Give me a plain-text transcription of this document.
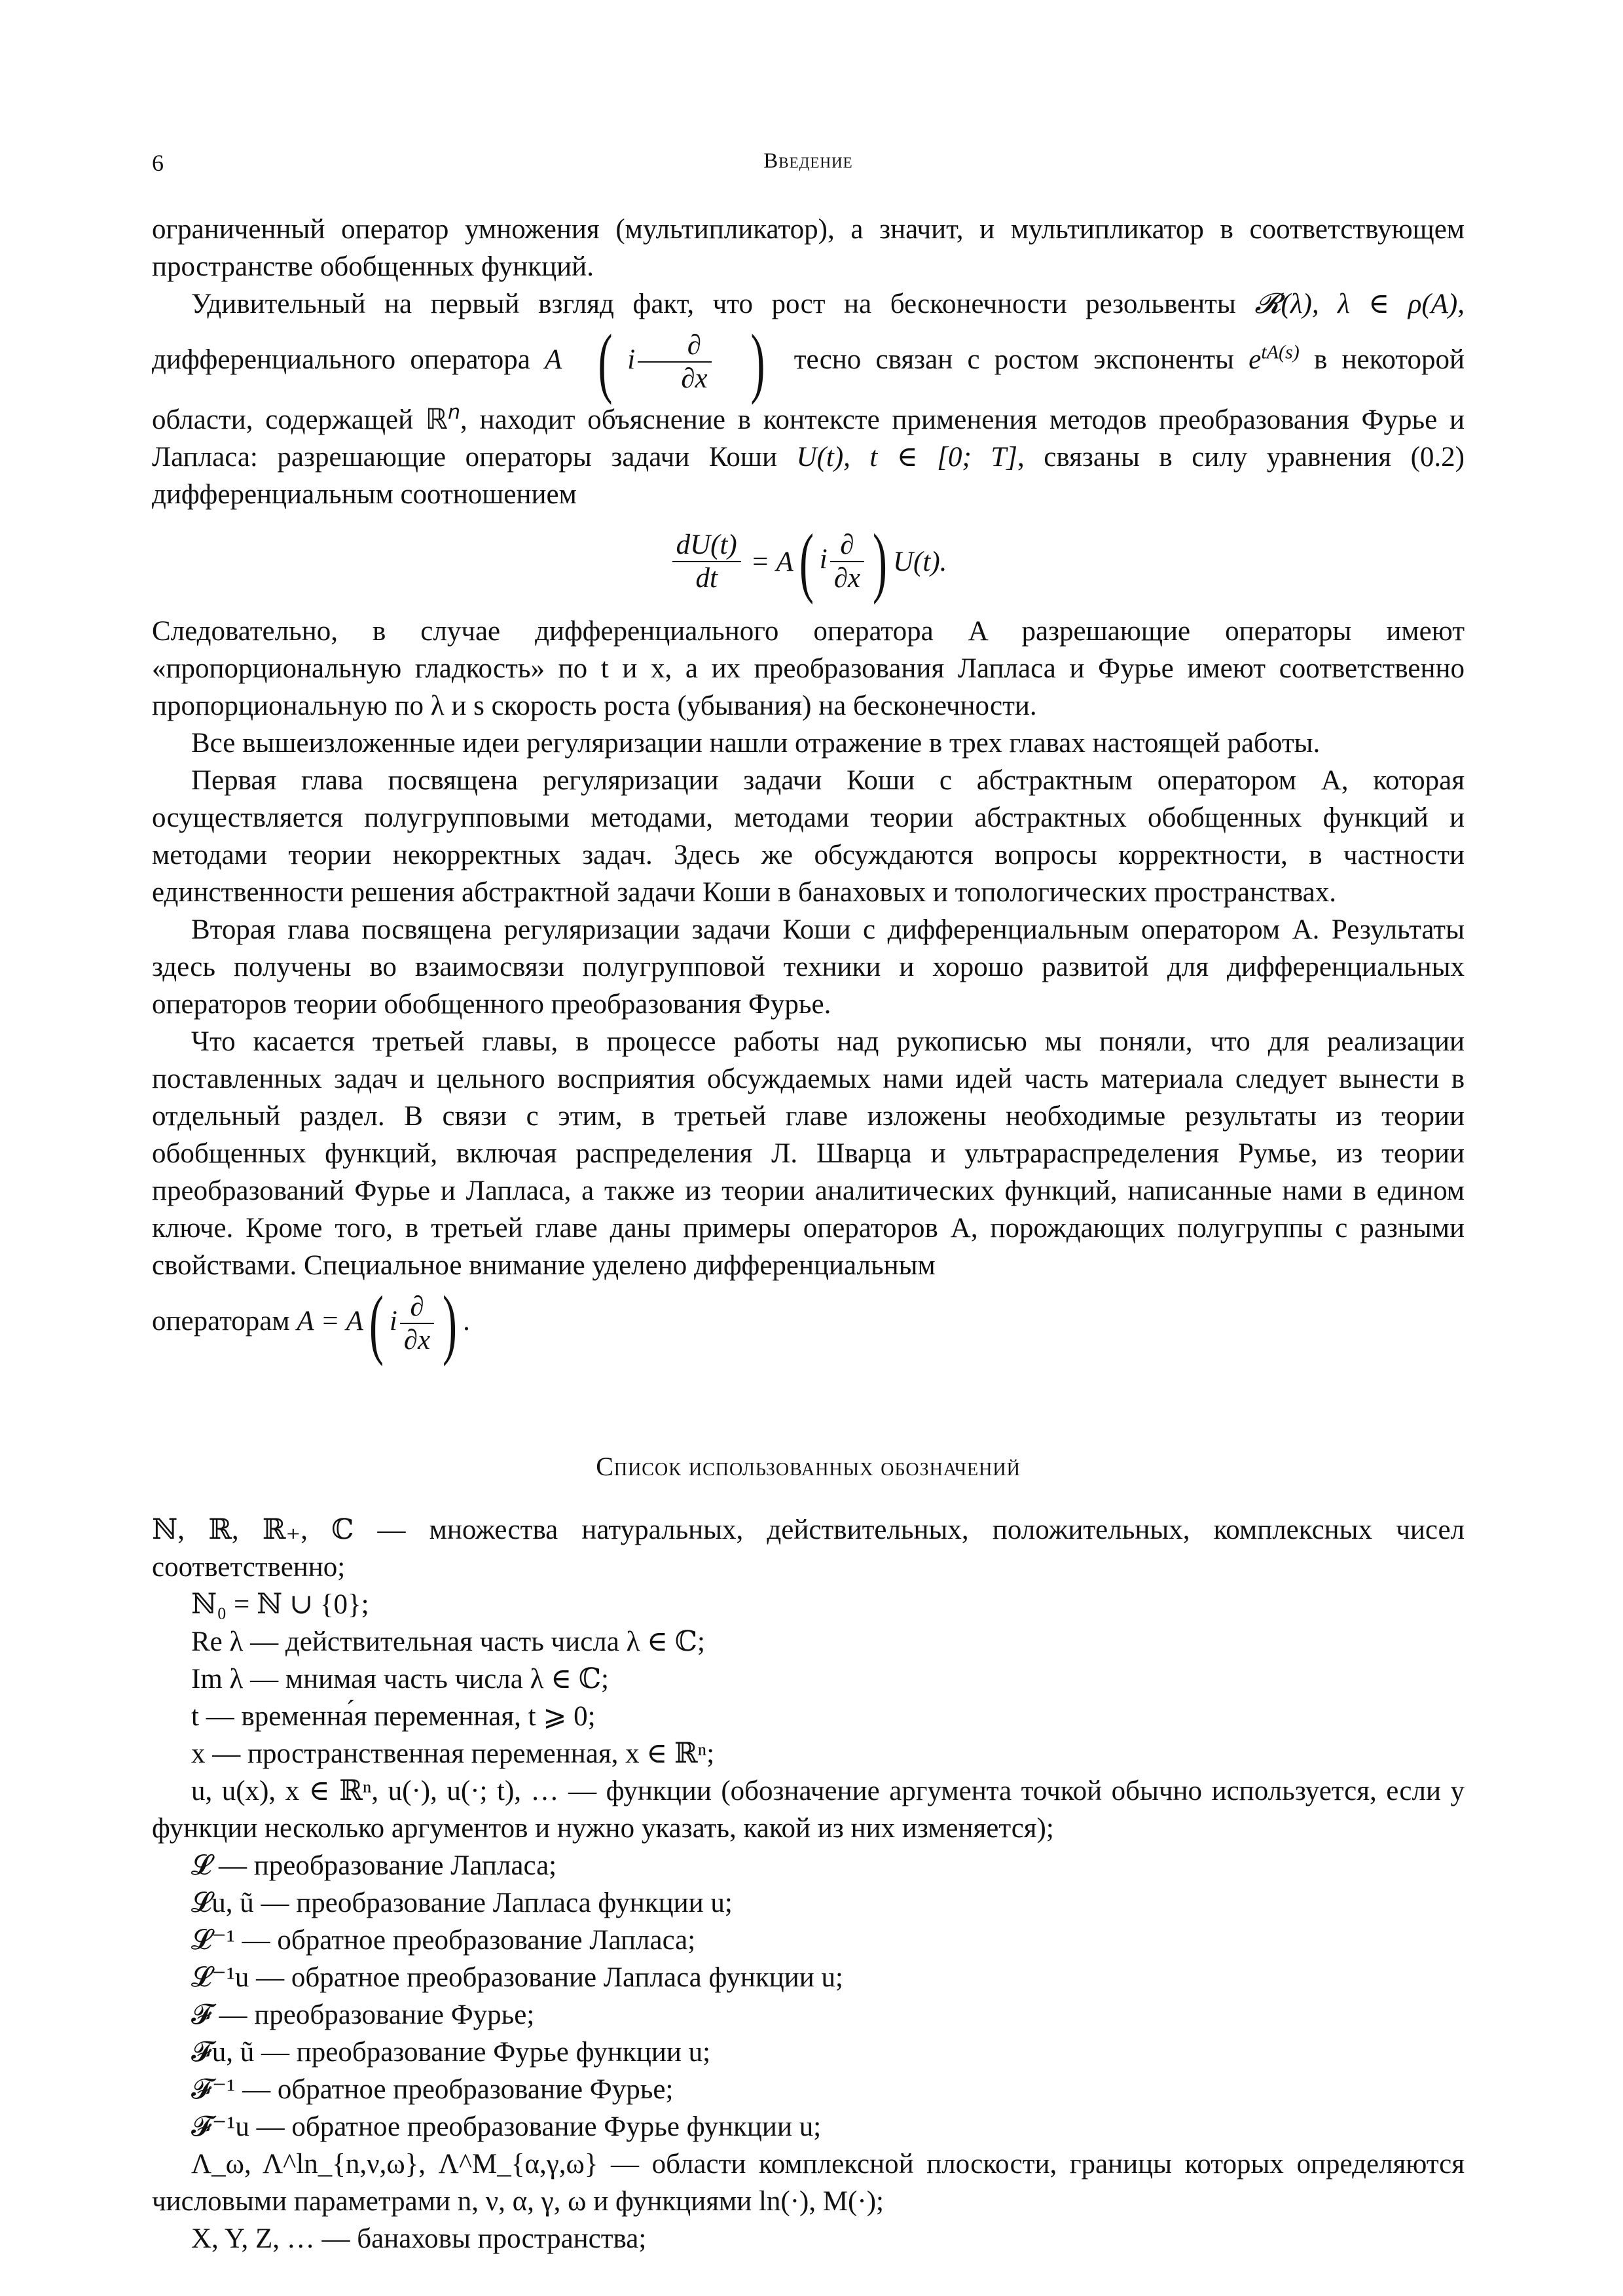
6	Введение

ограниченный оператор умножения (мультипликатор), а значит, и мультипликатор в соответствующем пространстве обобщенных функций.

Удивительный на первый взгляд факт, что рост на бесконечности резольвенты 𝓡(λ), λ ∈ ρ(A), дифференциального оператора A ( i $\frac{\partial}{\partial x}$ ) тесно связан с ростом экспоненты $e^{tA(s)}$ в некоторой области, содержащей ℝ$^n$, находит объяснение в контексте применения методов преобразования Фурье и Лапласа: разрешающие операторы задачи Коши U(t), t ∈ [0; T], связаны в силу уравнения (0.2) дифференциальным соотношением

$\frac{dU(t)}{dt} = A$( i $\frac{\partial}{\partial x}$ ) U(t).

Следовательно, в случае дифференциального оператора A разрешающие операторы имеют «пропорциональную гладкость» по t и x, а их преобразования Лапласа и Фурье имеют соответственно пропорциональную по λ и s скорость роста (убывания) на бесконечности.

Все вышеизложенные идеи регуляризации нашли отражение в трех главах настоящей работы.

Первая глава посвящена регуляризации задачи Коши с абстрактным оператором A, которая осуществляется полугрупповыми методами, методами теории абстрактных обобщенных функций и методами теории некорректных задач. Здесь же обсуждаются вопросы корректности, в частности единственности решения абстрактной задачи Коши в банаховых и топологических пространствах.

Вторая глава посвящена регуляризации задачи Коши с дифференциальным оператором A. Результаты здесь получены во взаимосвязи полугрупповой техники и хорошо развитой для дифференциальных операторов теории обобщенного преобразования Фурье.

Что касается третьей главы, в процессе работы над рукописью мы поняли, что для реализации поставленных задач и цельного восприятия обсуждаемых нами идей часть материала следует вынести в отдельный раздел. В связи с этим, в третьей главе изложены необходимые результаты из теории обобщенных функций, включая распределения Л. Шварца и ультрараспределения Румье, из теории преобразований Фурье и Лапласа, а также из теории аналитических функций, написанные нами в едином ключе. Кроме того, в третьей главе даны примеры операторов A, порождающих полугруппы с разными свойствами. Специальное внимание уделено дифференциальным

операторам A = A( i $\frac{\partial}{\partial x}$ ) .

Список использованных обозначений

ℕ, ℝ, ℝ₊, ℂ — множества натуральных, действительных, положительных, комплексных чисел соответственно;

ℕ₀ = ℕ ∪ {0};

Re λ — действительная часть числа λ ∈ ℂ;

Im λ — мнимая часть числа λ ∈ ℂ;

t — временна́я переменная, t ⩾ 0;

x — пространственная переменная, x ∈ ℝⁿ;

u, u(x), x ∈ ℝⁿ, u(·), u(·; t), … — функции (обозначение аргумента точкой обычно используется, если у функции несколько аргументов и нужно указать, какой из них изменяется);

𝓛 — преобразование Лапласа;

𝓛u, ũ — преобразование Лапласа функции u;

𝓛⁻¹ — обратное преобразование Лапласа;

𝓛⁻¹u — обратное преобразование Лапласа функции u;

𝓕 — преобразование Фурье;

𝓕u, ũ — преобразование Фурье функции u;

𝓕⁻¹ — обратное преобразование Фурье;

𝓕⁻¹u — обратное преобразование Фурье функции u;

Λ_ω, Λ^ln_{n,ν,ω}, Λ^M_{α,γ,ω} — области комплексной плоскости, границы которых определяются числовыми параметрами n, ν, α, γ, ω и функциями ln(·), M(·);

X, Y, Z, … — банаховы пространства;
